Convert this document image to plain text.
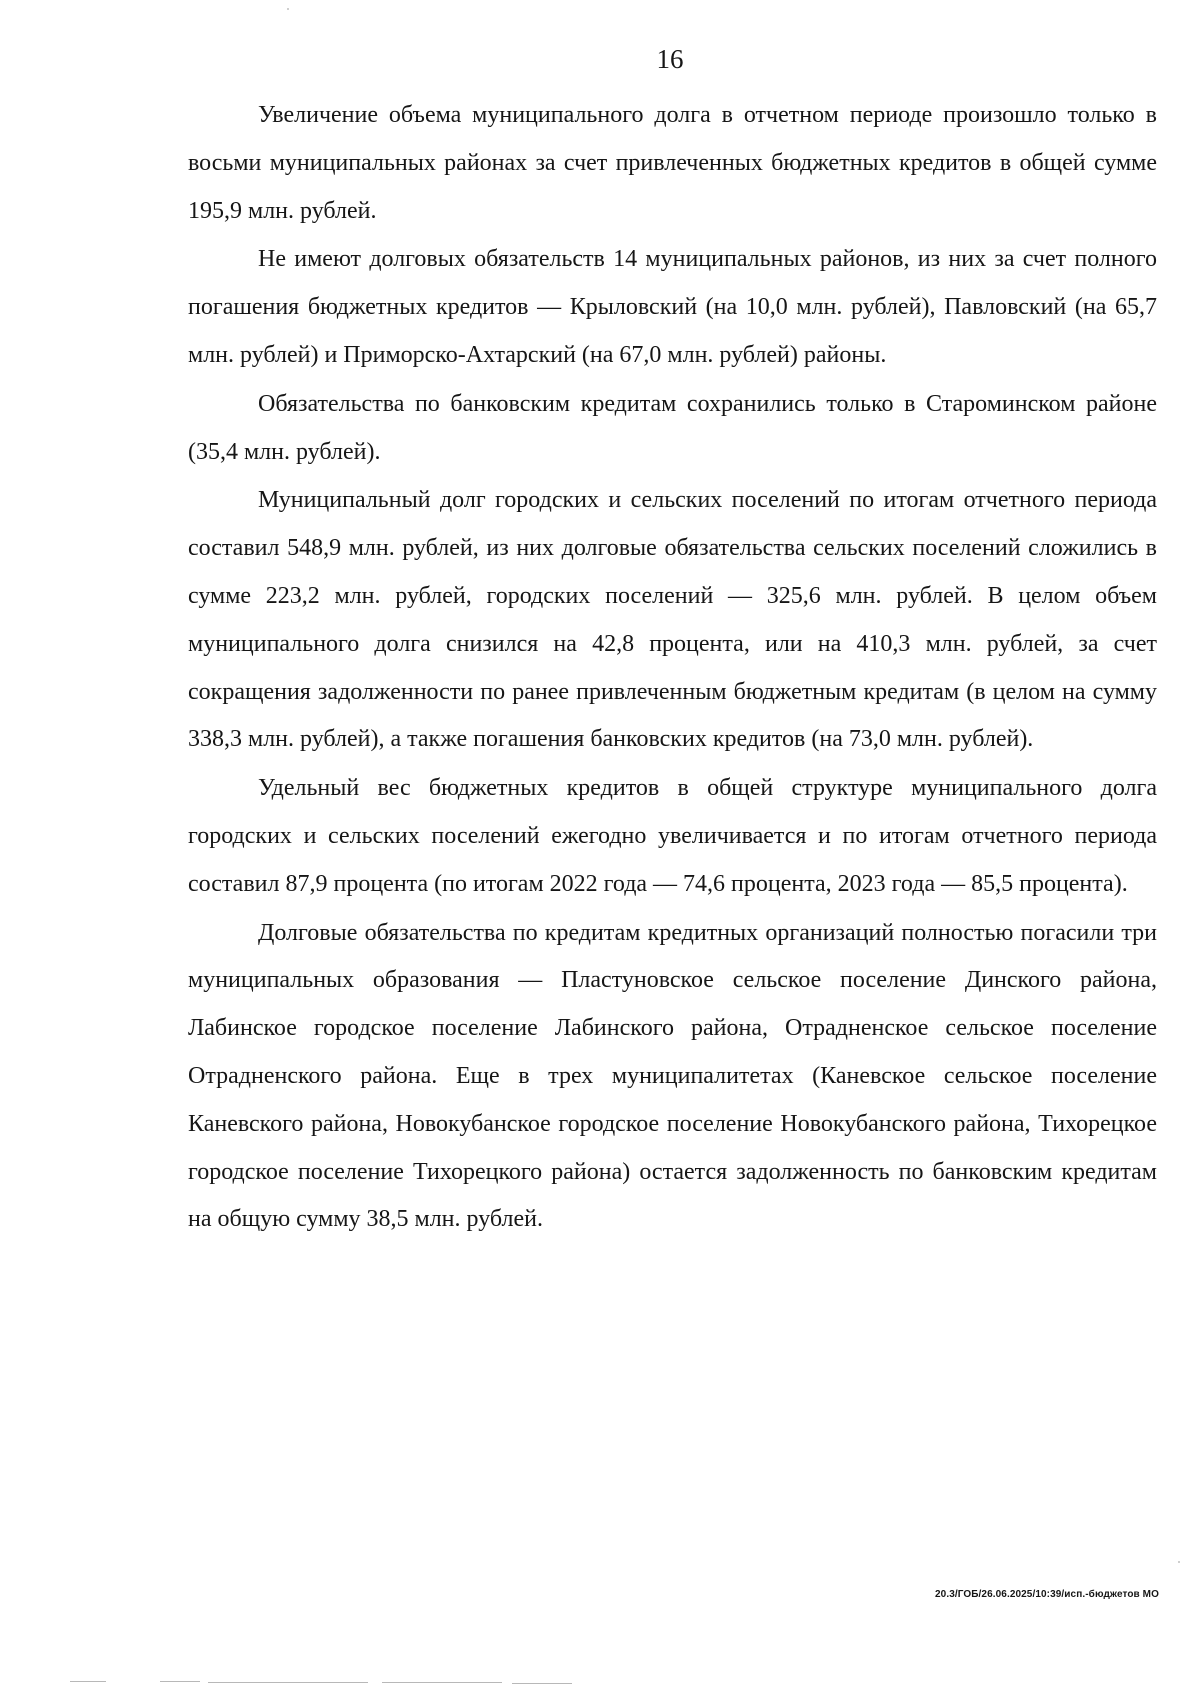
16

Увеличение объема муниципального долга в отчетном периоде произошло только в восьми муниципальных районах за счет привлеченных бюджетных кредитов в общей сумме 195,9 млн. рублей.

Не имеют долговых обязательств 14 муниципальных районов, из них за счет полного погашения бюджетных кредитов — Крыловский (на 10,0 млн. рублей), Павловский (на 65,7 млн. рублей) и Приморско-Ахтарский (на 67,0 млн. рублей) районы.

Обязательства по банковским кредитам сохранились только в Староминском районе (35,4 млн. рублей).

Муниципальный долг городских и сельских поселений по итогам отчетного периода составил 548,9 млн. рублей, из них долговые обязательства сельских поселений сложились в сумме 223,2 млн. рублей, городских поселений — 325,6 млн. рублей. В целом объем муниципального долга снизился на 42,8 процента, или на 410,3 млн. рублей, за счет сокращения задолженности по ранее привлеченным бюджетным кредитам (в целом на сумму 338,3 млн. рублей), а также погашения банковских кредитов (на 73,0 млн. рублей).

Удельный вес бюджетных кредитов в общей структуре муниципального долга городских и сельских поселений ежегодно увеличивается и по итогам отчетного периода составил 87,9 процента (по итогам 2022 года — 74,6 процента, 2023 года — 85,5 процента).

Долговые обязательства по кредитам кредитных организаций полностью погасили три муниципальных образования — Пластуновское сельское поселение Динского района, Лабинское городское поселение Лабинского района, Отрадненское сельское поселение Отрадненского района. Еще в трех муниципалитетах (Каневское сельское поселение Каневского района, Новокубанское городское поселение Новокубанского района, Тихорецкое городское поселение Тихорецкого района) остается задолженность по банковским кредитам на общую сумму 38,5 млн. рублей.

20.3/ГОБ/26.06.2025/10:39/исп.-бюджетов МО
